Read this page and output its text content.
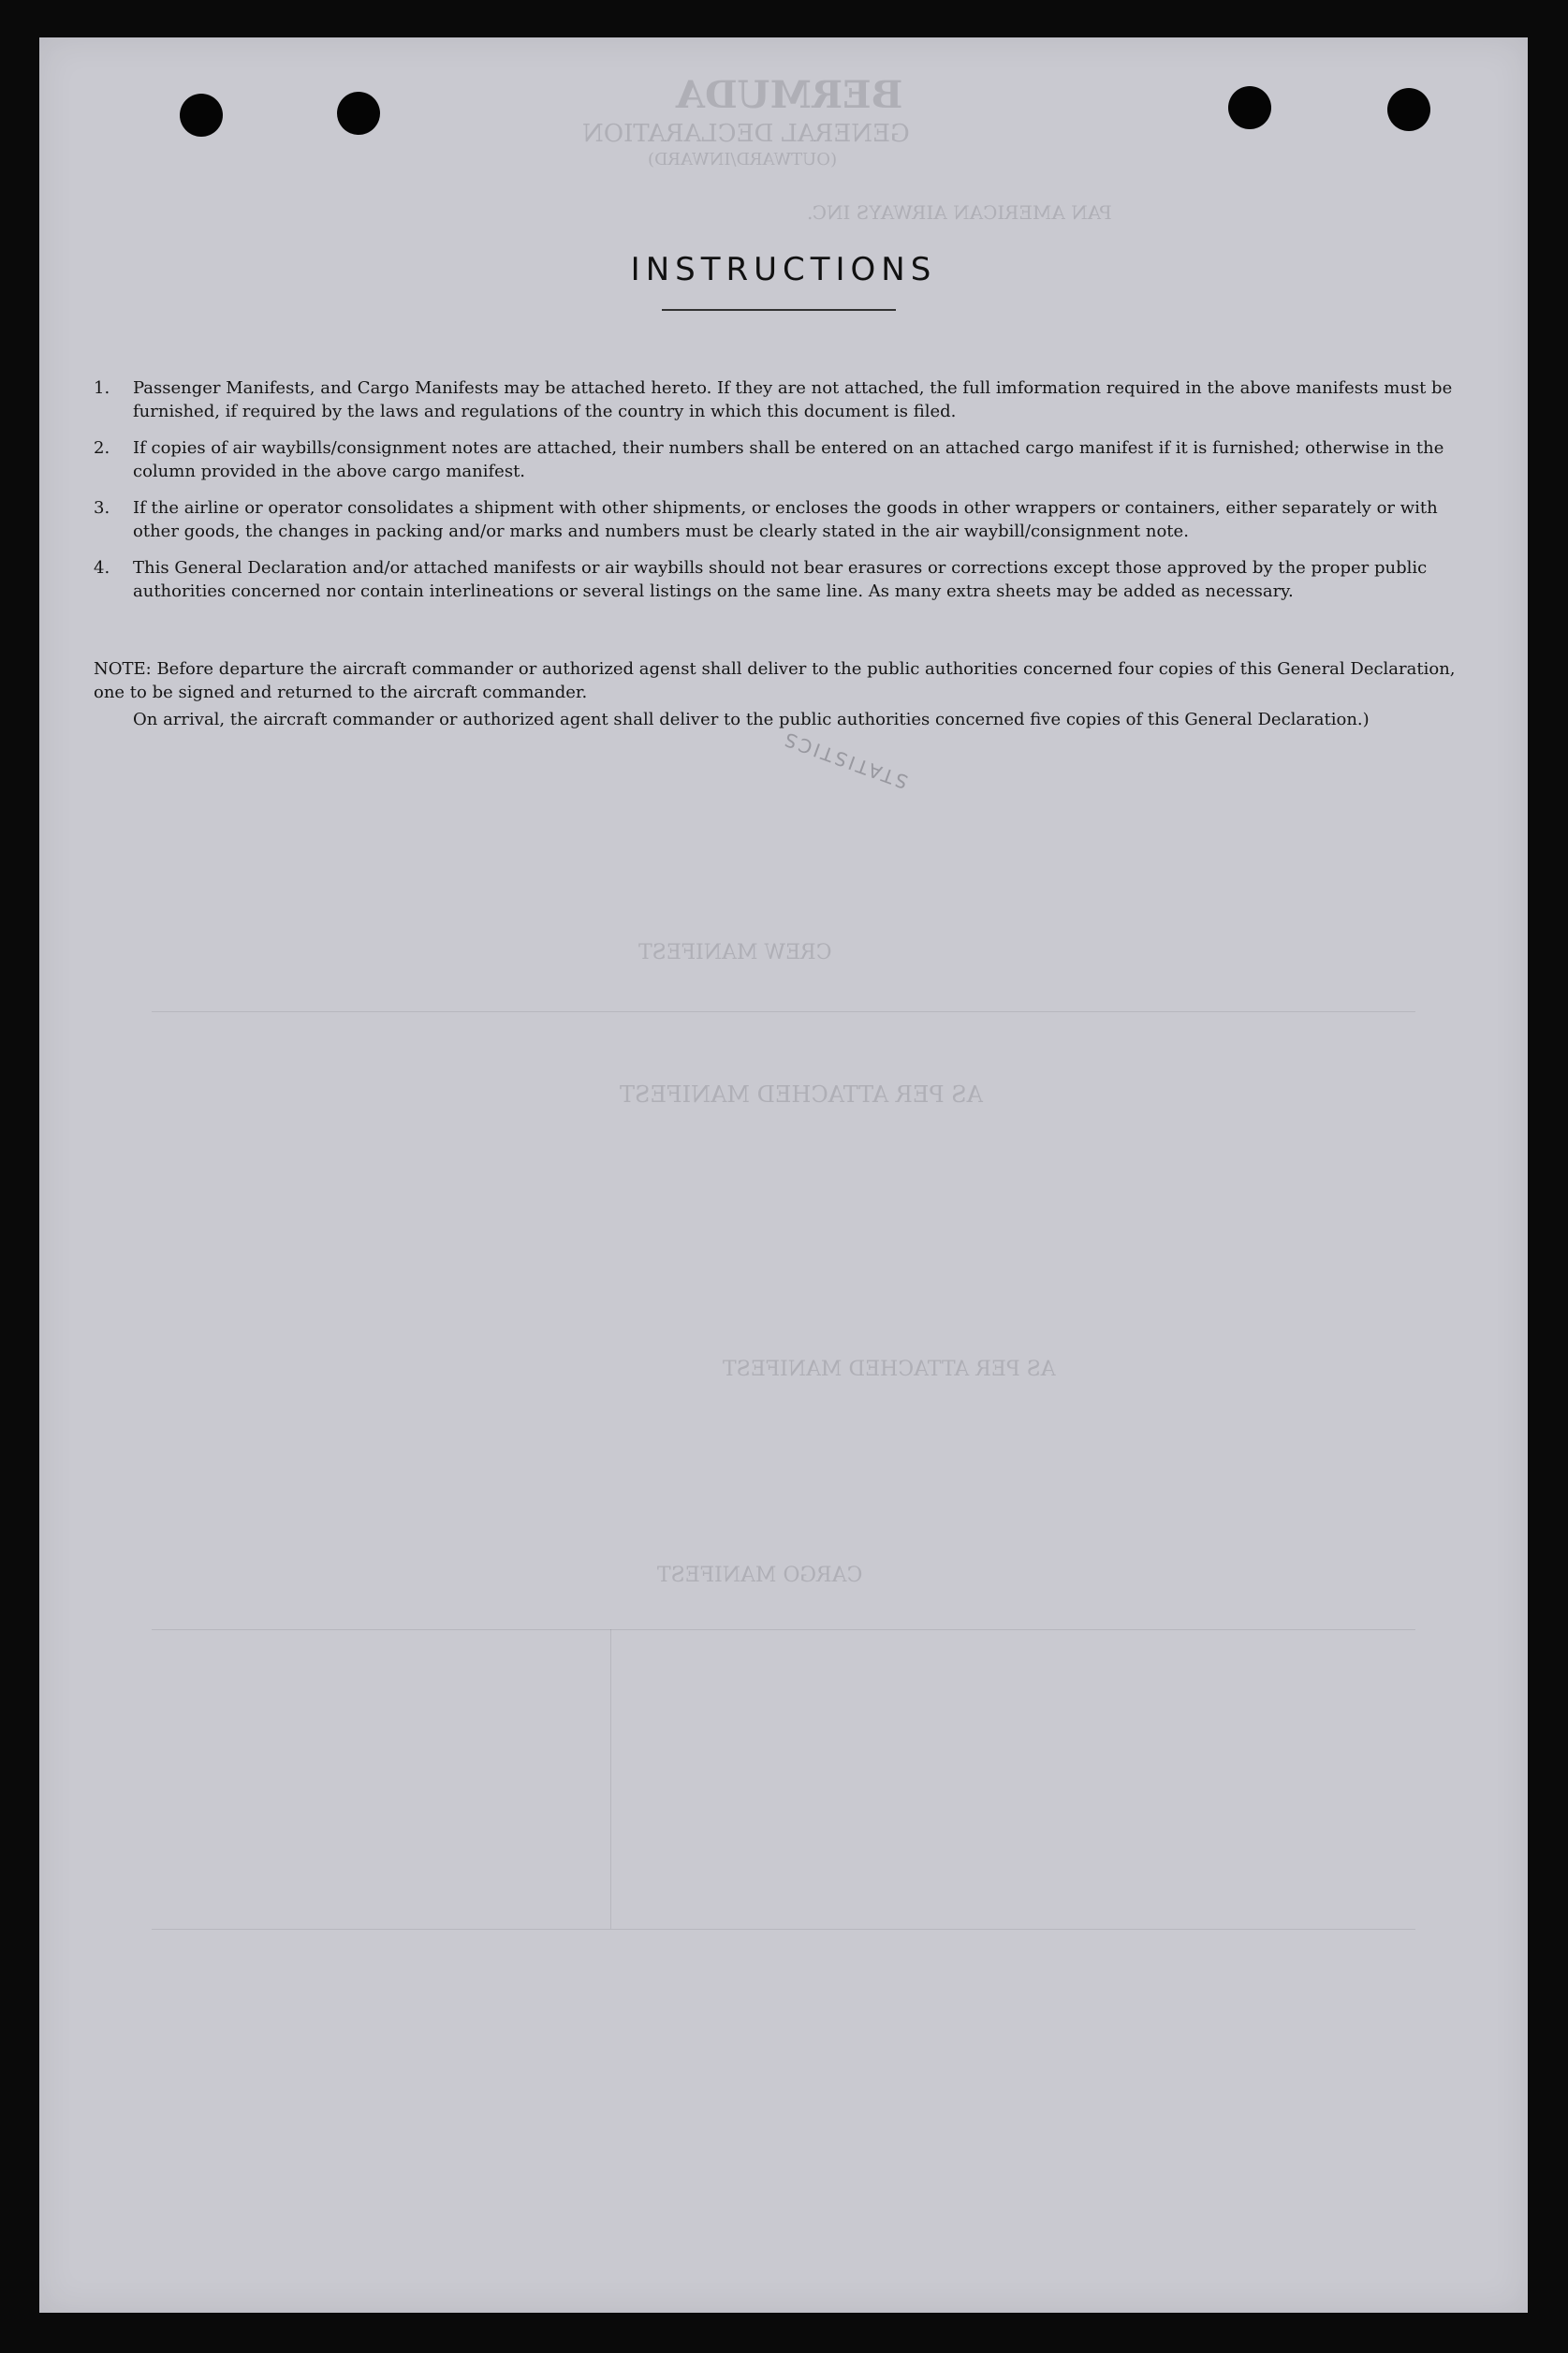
BERMUDA
GENERAL DECLARATION
(OUTWARD/INWARD)
PAN AMERICAN AIRWAYS INC.
CREW MANIFEST
AS PER ATTACHED MANIFEST
AS PER ATTACHED MANIFEST
CARGO MANIFEST
INSTRUCTIONS
1. Passenger Manifests, and Cargo Manifests may be attached hereto. If they are not attached, the full imformation required in the above manifests must be furnished, if required by the laws and regulations of the country in which this document is filed.
2. If copies of air waybills/consignment notes are attached, their numbers shall be entered on an attached cargo manifest if it is furnished; otherwise in the column provided in the above cargo manifest.
3. If the airline or operator consolidates a shipment with other shipments, or encloses the goods in other wrappers or containers, either separately or with other goods, the changes in packing and/or marks and numbers must be clearly stated in the air waybill/consignment note.
4. This General Declaration and/or attached manifests or air waybills should not bear erasures or corrections except those approved by the proper public authorities concerned nor contain interlineations or several listings on the same line. As many extra sheets may be added as necessary.
NOTE: Before departure the aircraft commander or authorized agenst shall deliver to the public authorities concerned four copies of this General Declaration, one to be signed and returned to the aircraft commander.
On arrival, the aircraft commander or authorized agent shall deliver to the public authorities concerned five copies of this General Declaration.)
STATISTICS
